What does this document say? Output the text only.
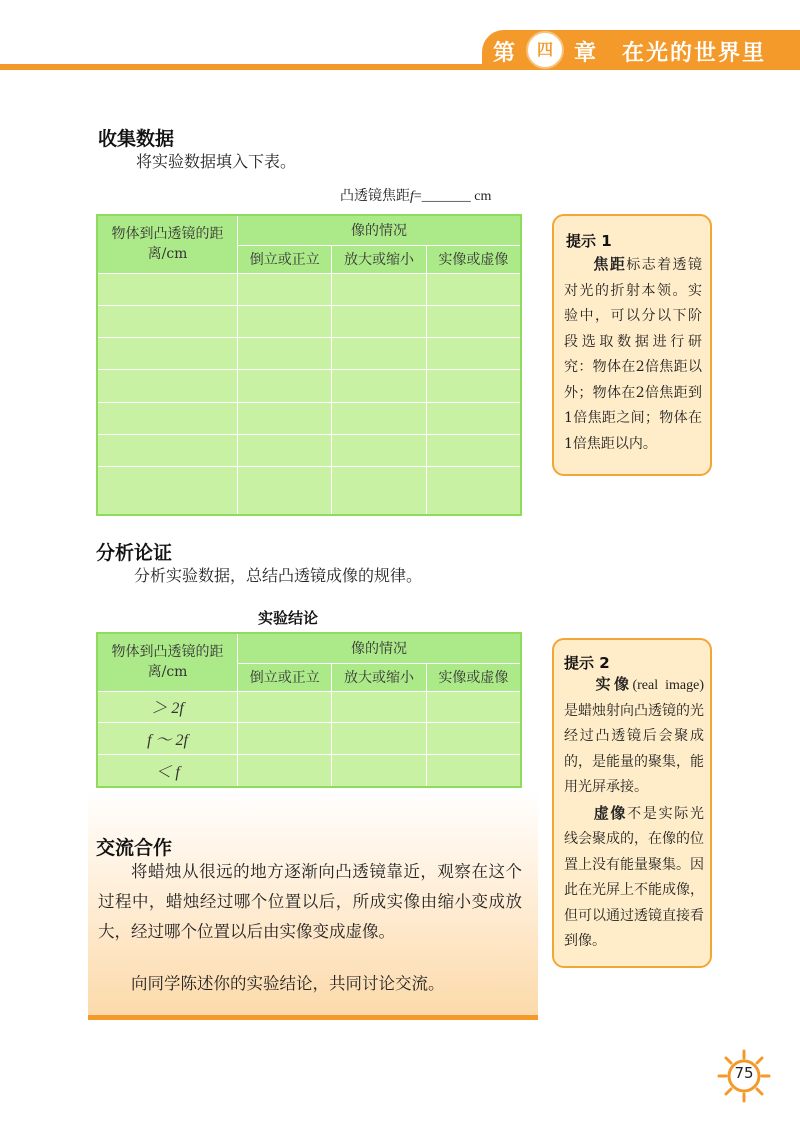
第	四 章 在光的世界里
收集数据
将实验数据填入下表。
凸透镜焦距f=_______ cm
物体到凸透镜的距离/cm	像的情况		
	倒立或正立	放大或缩小	实像或虚像

提示 1
焦距标志着透镜对光的折射本领。实验中，可以分以下阶段选取数据进行研究：物体在2倍焦距以外；物体在2倍焦距到1倍焦距之间；物体在1倍焦距以内。
分析论证
分析实验数据，总结凸透镜成像的规律。
实验结论
物体到凸透镜的距离/cm	像的情况		
	倒立或正立	放大或缩小	实像或虚像
＞ 2f			
f ～ 2f			
＜ f			
提示 2
实像(real image)是蜡烛射向凸透镜的光经过凸透镜后会聚成的，是能量的聚集，能用光屏承接。
虚像不是实际光线会聚成的，在像的位置上没有能量聚集。因此在光屏上不能成像，但可以通过透镜直接看到像。
交流合作
将蜡烛从很远的地方逐渐向凸透镜靠近，观察在这个过程中，蜡烛经过哪个位置以后，所成实像由缩小变成放大，经过哪个位置以后由实像变成虚像。
向同学陈述你的实验结论，共同讨论交流。
75
